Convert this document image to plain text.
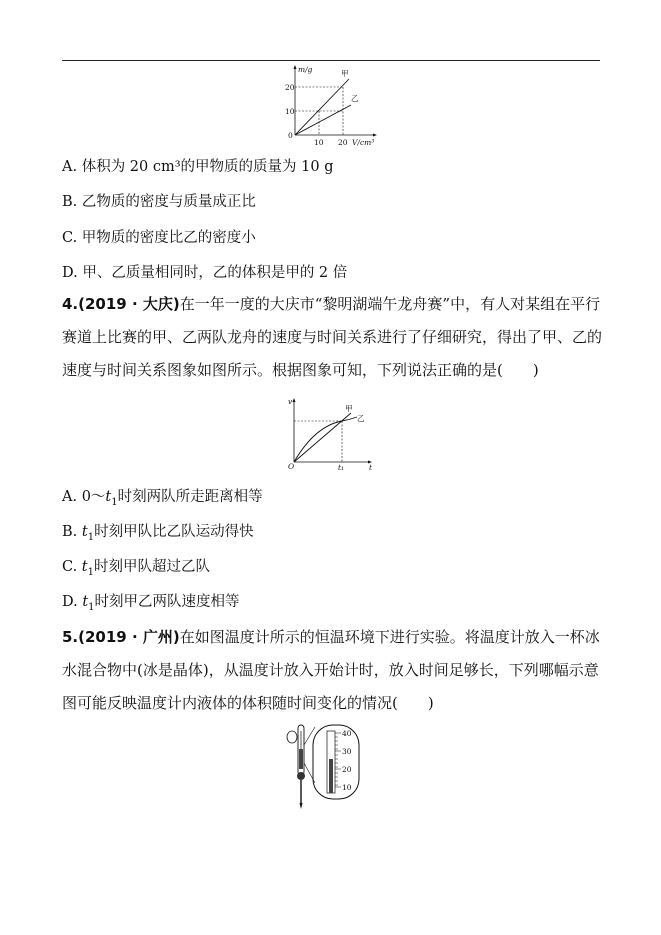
m/g
20
10
0
10 20 V/cm³
甲
乙
A. 体积为 20 cm³的甲物质的质量为 10 g
B. 乙物质的密度与质量成正比
C. 甲物质的密度比乙的密度小
D. 甲、乙质量相同时，乙的体积是甲的 2 倍
4.(2019 · 大庆)在一年一度的大庆市“黎明湖端午龙舟赛”中，有人对某组在平行赛道上比赛的甲、乙两队龙舟的速度与时间关系进行了仔细研究，得出了甲、乙的速度与时间关系图象如图所示。根据图象可知，下列说法正确的是(　　)
v
O	t₁	t
甲
乙
A. $0\sim t_1$时刻两队所走距离相等
B. $t_1$时刻甲队比乙队运动得快
C. $t_1$时刻甲队超过乙队
D. $t_1$时刻甲乙两队速度相等
5.(2019 · 广州)在如图温度计所示的恒温环境下进行实验。将温度计放入一杯冰水混合物中(冰是晶体)，从温度计放入开始计时，放入时间足够长，下列哪幅示意图可能反映温度计内液体的体积随时间变化的情况(　　)
40
30
20
10
